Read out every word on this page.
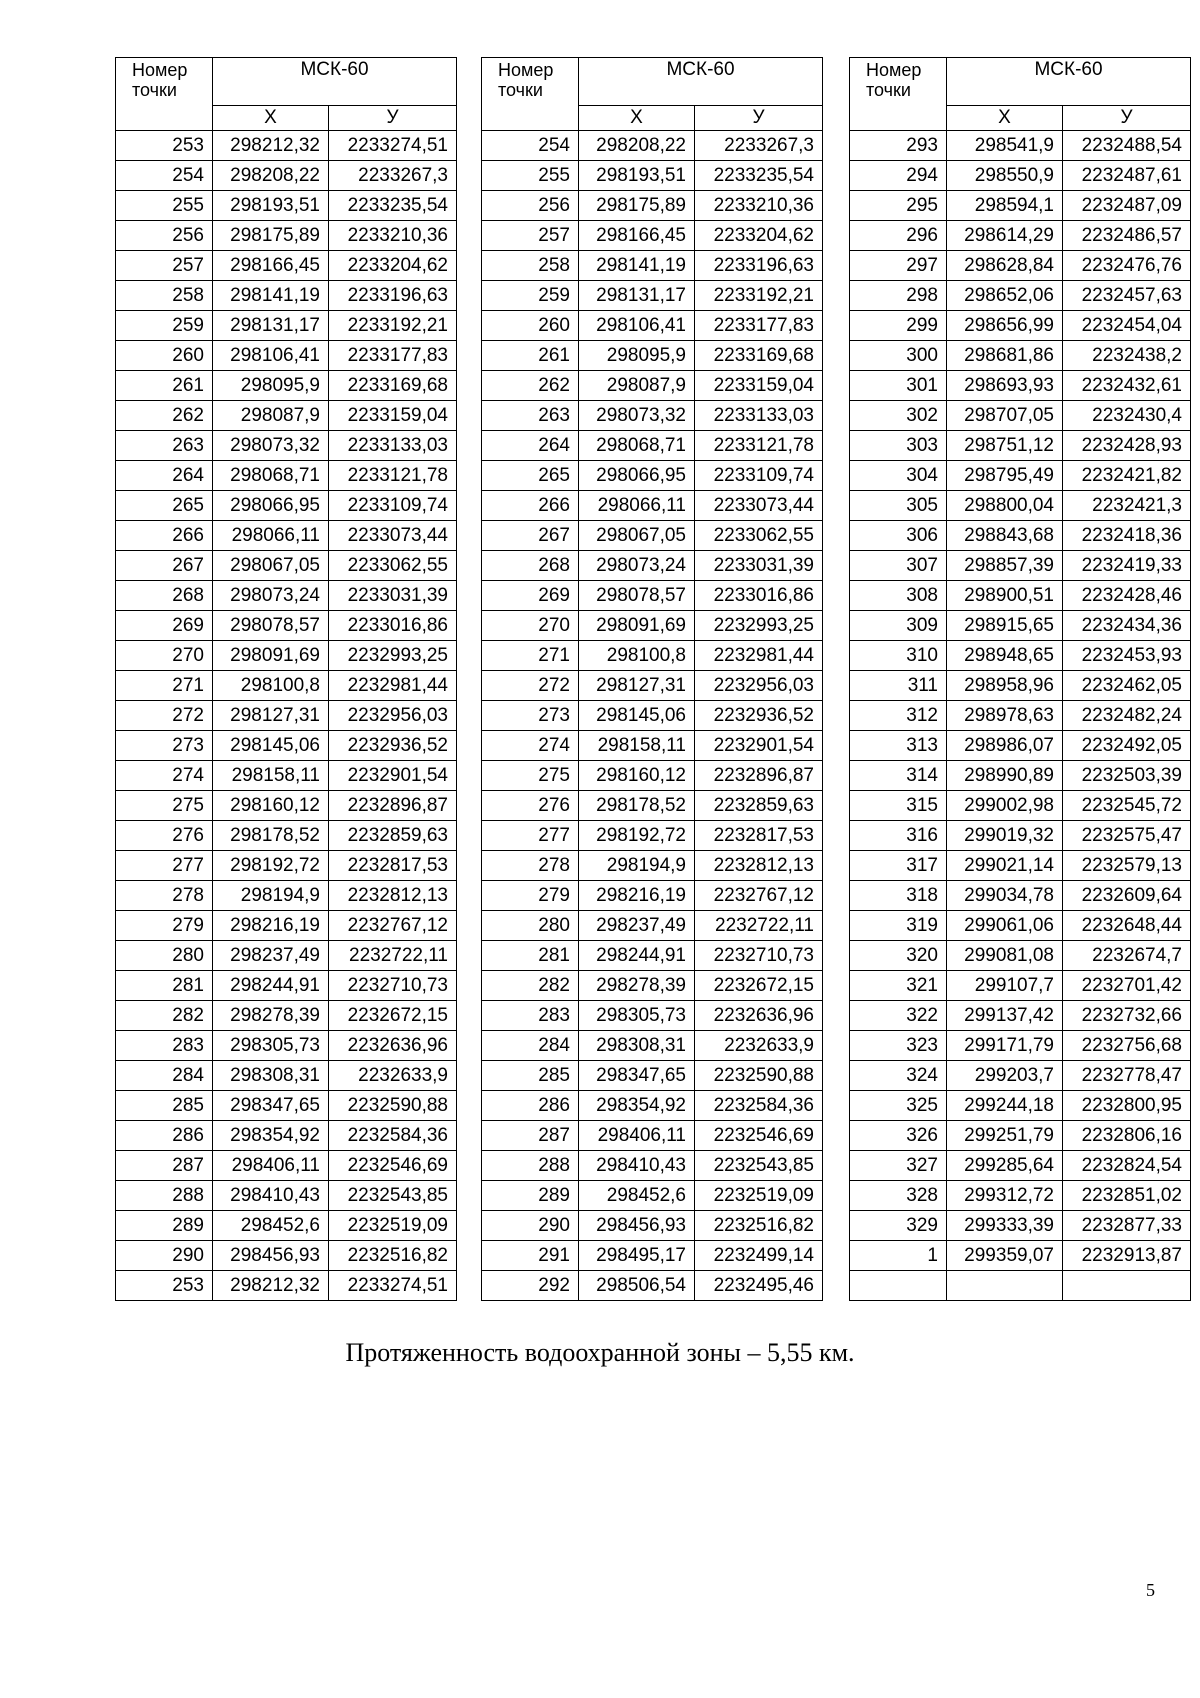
Номер
точки	МСК-60	
	Х	У
253	298212,32	2233274,51
254	298208,22	2233267,3
255	298193,51	2233235,54
256	298175,89	2233210,36
257	298166,45	2233204,62
258	298141,19	2233196,63
259	298131,17	2233192,21
260	298106,41	2233177,83
261	298095,9	2233169,68
262	298087,9	2233159,04
263	298073,32	2233133,03
264	298068,71	2233121,78
265	298066,95	2233109,74
266	298066,11	2233073,44
267	298067,05	2233062,55
268	298073,24	2233031,39
269	298078,57	2233016,86
270	298091,69	2232993,25
271	298100,8	2232981,44
272	298127,31	2232956,03
273	298145,06	2232936,52
274	298158,11	2232901,54
275	298160,12	2232896,87
276	298178,52	2232859,63
277	298192,72	2232817,53
278	298194,9	2232812,13
279	298216,19	2232767,12
280	298237,49	2232722,11
281	298244,91	2232710,73
282	298278,39	2232672,15
283	298305,73	2232636,96
284	298308,31	2232633,9
285	298347,65	2232590,88
286	298354,92	2232584,36
287	298406,11	2232546,69
288	298410,43	2232543,85
289	298452,6	2232519,09
290	298456,93	2232516,82
253	298212,32	2233274,51
Номер
точки	МСК-60	
	Х	У
254	298208,22	2233267,3
255	298193,51	2233235,54
256	298175,89	2233210,36
257	298166,45	2233204,62
258	298141,19	2233196,63
259	298131,17	2233192,21
260	298106,41	2233177,83
261	298095,9	2233169,68
262	298087,9	2233159,04
263	298073,32	2233133,03
264	298068,71	2233121,78
265	298066,95	2233109,74
266	298066,11	2233073,44
267	298067,05	2233062,55
268	298073,24	2233031,39
269	298078,57	2233016,86
270	298091,69	2232993,25
271	298100,8	2232981,44
272	298127,31	2232956,03
273	298145,06	2232936,52
274	298158,11	2232901,54
275	298160,12	2232896,87
276	298178,52	2232859,63
277	298192,72	2232817,53
278	298194,9	2232812,13
279	298216,19	2232767,12
280	298237,49	2232722,11
281	298244,91	2232710,73
282	298278,39	2232672,15
283	298305,73	2232636,96
284	298308,31	2232633,9
285	298347,65	2232590,88
286	298354,92	2232584,36
287	298406,11	2232546,69
288	298410,43	2232543,85
289	298452,6	2232519,09
290	298456,93	2232516,82
291	298495,17	2232499,14
292	298506,54	2232495,46
Номер
точки	МСК-60	
	Х	У
293	298541,9	2232488,54
294	298550,9	2232487,61
295	298594,1	2232487,09
296	298614,29	2232486,57
297	298628,84	2232476,76
298	298652,06	2232457,63
299	298656,99	2232454,04
300	298681,86	2232438,2
301	298693,93	2232432,61
302	298707,05	2232430,4
303	298751,12	2232428,93
304	298795,49	2232421,82
305	298800,04	2232421,3
306	298843,68	2232418,36
307	298857,39	2232419,33
308	298900,51	2232428,46
309	298915,65	2232434,36
310	298948,65	2232453,93
311	298958,96	2232462,05
312	298978,63	2232482,24
313	298986,07	2232492,05
314	298990,89	2232503,39
315	299002,98	2232545,72
316	299019,32	2232575,47
317	299021,14	2232579,13
318	299034,78	2232609,64
319	299061,06	2232648,44
320	299081,08	2232674,7
321	299107,7	2232701,42
322	299137,42	2232732,66
323	299171,79	2232756,68
324	299203,7	2232778,47
325	299244,18	2232800,95
326	299251,79	2232806,16
327	299285,64	2232824,54
328	299312,72	2232851,02
329	299333,39	2232877,33
1	299359,07	2232913,87

Протяженность водоохранной зоны – 5,55 км.
5
